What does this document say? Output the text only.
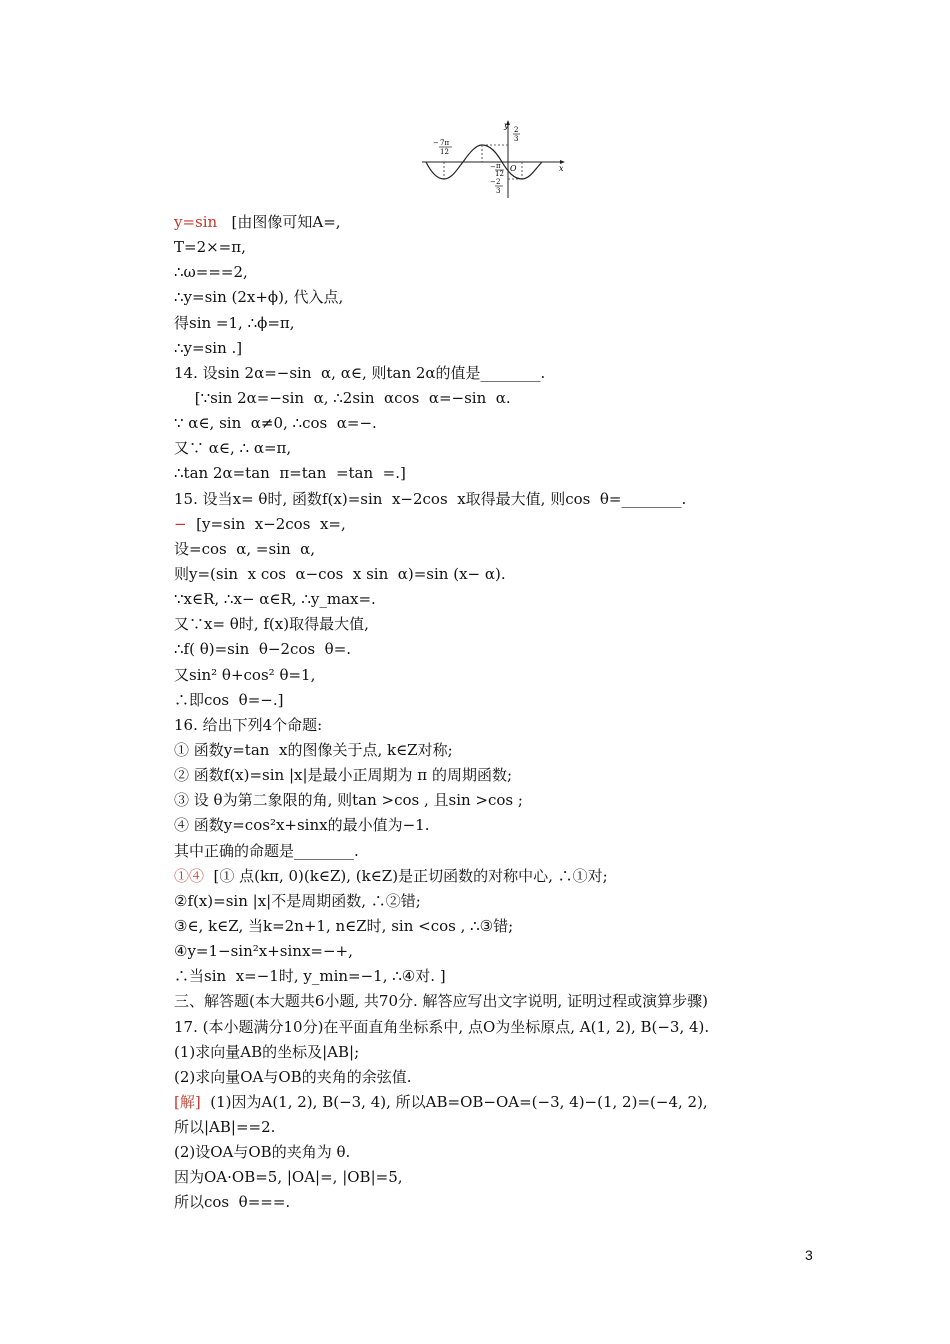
y
x
O
− 7π
12
2
3
− π
12
− 2
3
y=sin   [由图像可知A=,
T=2×=π,
∴ω===2,
∴y=sin (2x+ϕ), 代入点,
得sin =1, ∴ϕ=π,
∴y=sin .]
14. 设sin 2α=−sin  α, α∈, 则tan 2α的值是________.
[∵sin 2α=−sin  α, ∴2sin  αcos  α=−sin  α.
∵ α∈, sin  α≠0, ∴cos  α=−.
又∵ α∈, ∴ α=π,
∴tan 2α=tan  π=tan  =tan  =.]
15. 设当x= θ时, 函数f(x)=sin  x−2cos  x取得最大值, 则cos  θ=________.
−  [y=sin  x−2cos  x=,
设=cos  α, =sin  α,
则y=(sin  x cos  α−cos  x sin  α)=sin (x− α).
∵x∈R, ∴x− α∈R, ∴y_max=.
又∵x= θ时, f(x)取得最大值,
∴f( θ)=sin  θ−2cos  θ=.
又sin² θ+cos² θ=1,
∴即cos  θ=−.]
16. 给出下列4个命题:
① 函数y=tan  x的图像关于点, k∈Z对称;
② 函数f(x)=sin |x|是最小正周期为 π 的周期函数;
③ 设 θ为第二象限的角, 则tan >cos , 且sin >cos ;
④ 函数y=cos²x+sinx的最小值为−1.
其中正确的命题是________.
①④  [① 点(kπ, 0)(k∈Z), (k∈Z)是正切函数的对称中心, ∴①对;
②f(x)=sin |x|不是周期函数, ∴②错;
③∈, k∈Z, 当k=2n+1, n∈Z时, sin <cos , ∴③错;
④y=1−sin²x+sinx=−+,
∴当sin  x=−1时, y_min=−1, ∴④对. ]
三、解答题(本大题共6小题, 共70分. 解答应写出文字说明, 证明过程或演算步骤)
17. (本小题满分10分)在平面直角坐标系中, 点O为坐标原点, A(1, 2), B(−3, 4).
(1)求向量AB的坐标及|AB|;
(2)求向量OA与OB的夹角的余弦值.
[解]  (1)因为A(1, 2), B(−3, 4), 所以AB=OB−OA=(−3, 4)−(1, 2)=(−4, 2),
所以|AB|==2.
(2)设OA与OB的夹角为 θ.
因为OA·OB=5, |OA|=, |OB|=5,
所以cos  θ===.
3
